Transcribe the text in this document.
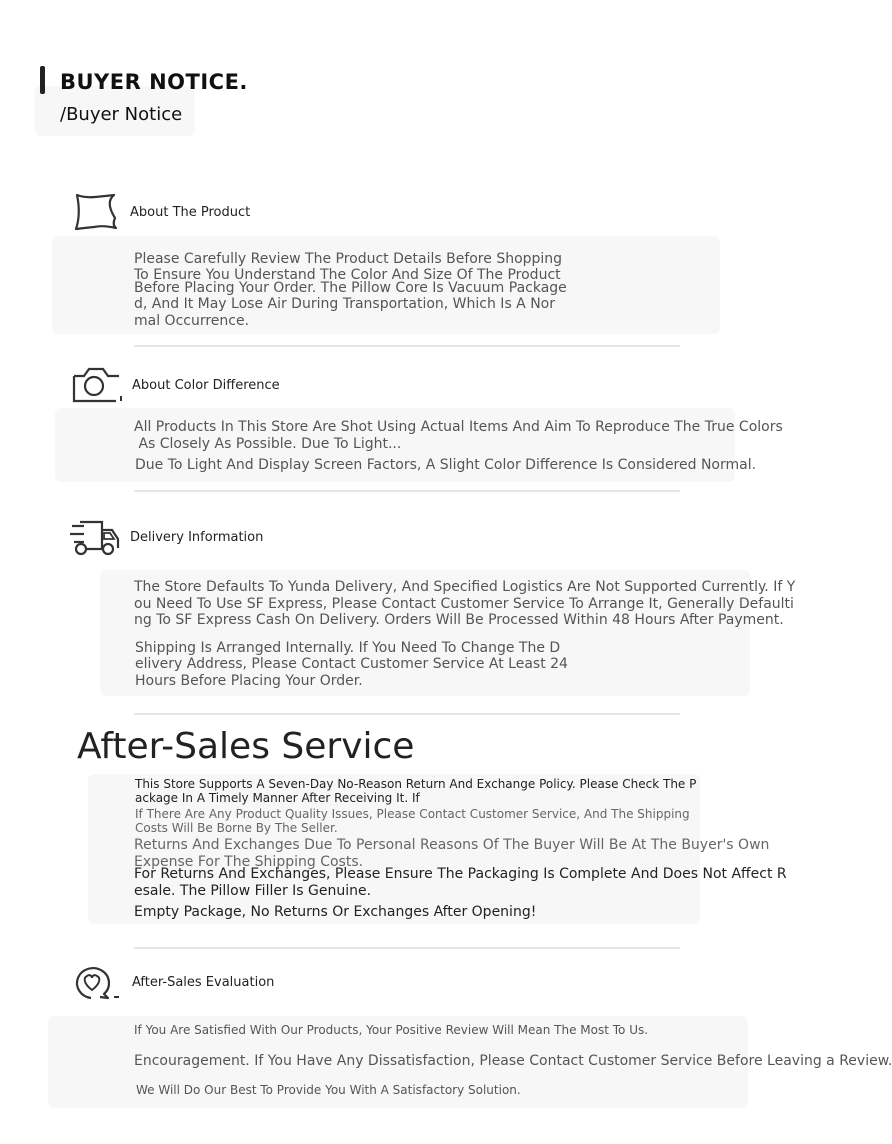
BUYER NOTICE.
/Buyer Notice
About The Product
Please Carefully Review The Product Details Before Shopping
To Ensure You Understand The Color And Size Of The Product
Before Placing Your Order. The Pillow Core Is Vacuum Package
d, And It May Lose Air During Transportation, Which Is A Nor
mal Occurrence.
About Color Difference
All Products In This Store Are Shot Using Actual Items And Aim To Reproduce The True Colors
As Closely As Possible. Due To Light...
Due To Light And Display Screen Factors, A Slight Color Difference Is Considered Normal.
Delivery Information
The Store Defaults To Yunda Delivery, And Specified Logistics Are Not Supported Currently. If Y
ou Need To Use SF Express, Please Contact Customer Service To Arrange It, Generally Defaulti
ng To SF Express Cash On Delivery. Orders Will Be Processed Within 48 Hours After Payment.
Shipping Is Arranged Internally. If You Need To Change The D
elivery Address, Please Contact Customer Service At Least 24
Hours Before Placing Your Order.
After-Sales Service
This Store Supports A Seven-Day No-Reason Return And Exchange Policy. Please Check The P
ackage In A Timely Manner After Receiving It. If
If There Are Any Product Quality Issues, Please Contact Customer Service, And The Shipping
Costs Will Be Borne By The Seller.
Returns And Exchanges Due To Personal Reasons Of The Buyer Will Be At The Buyer's Own
Expense For The Shipping Costs.
For Returns And Exchanges, Please Ensure The Packaging Is Complete And Does Not Affect R
esale. The Pillow Filler Is Genuine.
Empty Package, No Returns Or Exchanges After Opening!
After-Sales Evaluation
If You Are Satisfied With Our Products, Your Positive Review Will Mean The Most To Us.
Encouragement. If You Have Any Dissatisfaction, Please Contact Customer Service Before Leaving a Review.
We Will Do Our Best To Provide You With A Satisfactory Solution.
